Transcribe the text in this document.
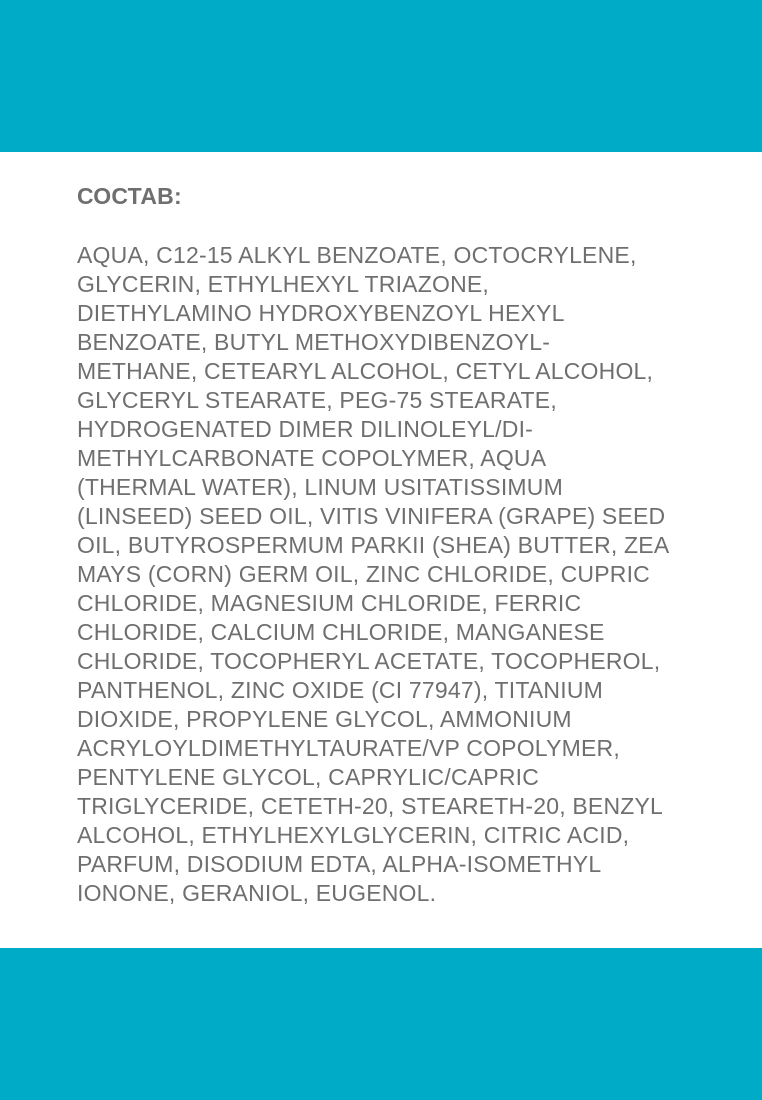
СОСТАВ:

AQUA, C12-15 ALKYL BENZOATE, OCTOCRYLENE,
GLYCERIN, ETHYLHEXYL TRIAZONE,
DIETHYLAMINO HYDROXYBENZOYL HEXYL
BENZOATE, BUTYL METHOXYDIBENZOYL-
METHANE, CETEARYL ALCOHOL, CETYL ALCOHOL,
GLYCERYL STEARATE, PEG-75 STEARATE,
HYDROGENATED DIMER DILINOLEYL/DI-
METHYLCARBONATE COPOLYMER, AQUA
(THERMAL WATER), LINUM USITATISSIMUM
(LINSEED) SEED OIL, VITIS VINIFERA (GRAPE) SEED
OIL, BUTYROSPERMUM PARKII (SHEA) BUTTER, ZEA
MAYS (CORN) GERM OIL, ZINC CHLORIDE, CUPRIC
CHLORIDE, MAGNESIUM CHLORIDE, FERRIC
CHLORIDE, CALCIUM CHLORIDE, MANGANESE
CHLORIDE, TOCOPHERYL ACETATE, TOCOPHEROL,
PANTHENOL, ZINC OXIDE (CI 77947), TITANIUM
DIOXIDE, PROPYLENE GLYCOL, AMMONIUM
ACRYLOYLDIMETHYLTAURATE/VP COPOLYMER,
PENTYLENE GLYCOL, CAPRYLIC/CAPRIC
TRIGLYCERIDE, CETETH-20, STEARETH-20, BENZYL
ALCOHOL, ETHYLHEXYLGLYCERIN, CITRIC ACID,
PARFUM, DISODIUM EDTA, ALPHA-ISOMETHYL
IONONE, GERANIOL, EUGENOL.
